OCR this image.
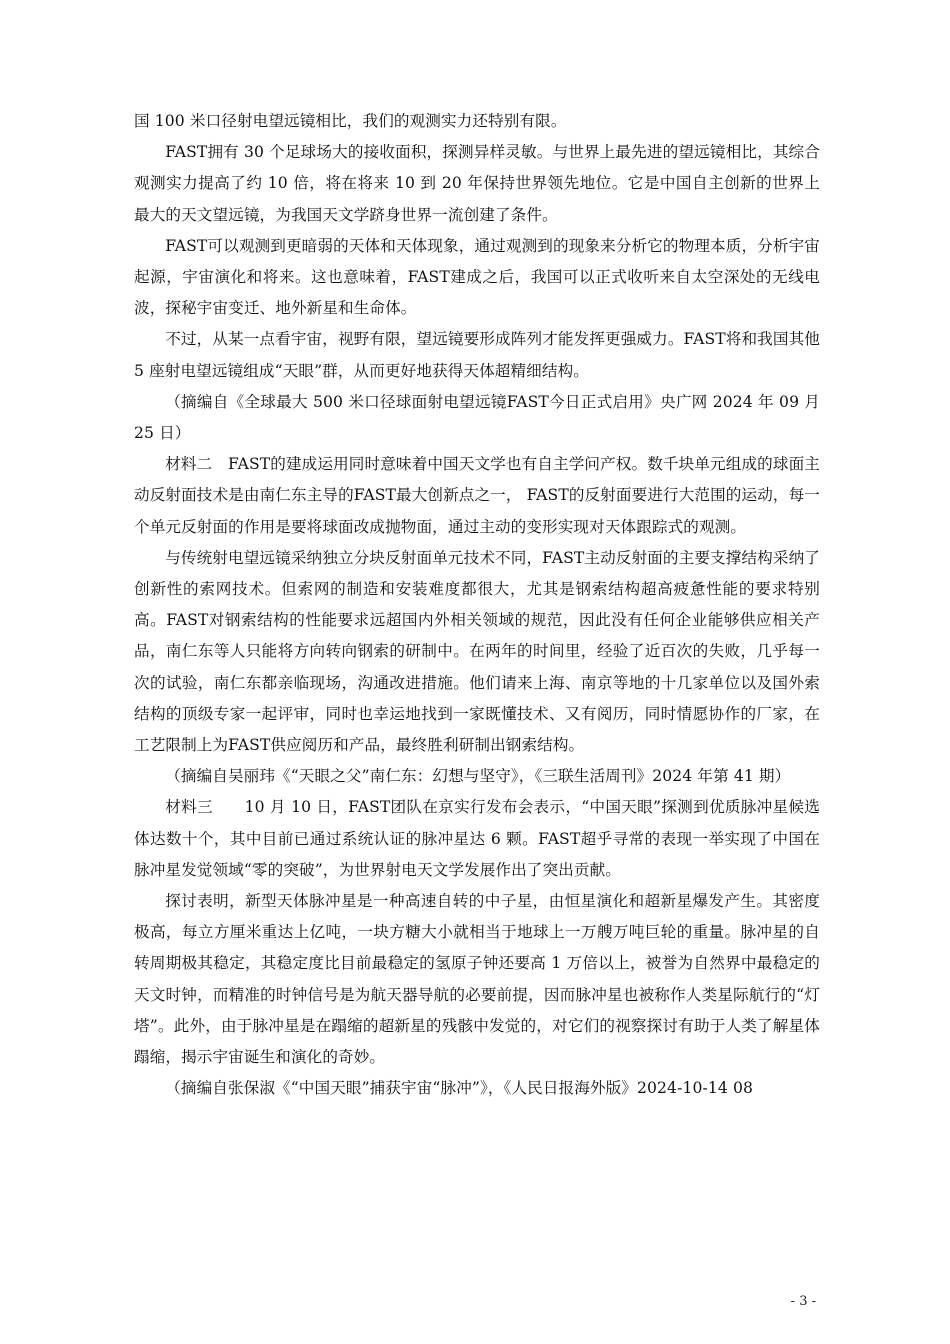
国 100 米口径射电望远镜相比，我们的观测实力还特别有限。

FAST拥有 30 个足球场大的接收面积，探测异样灵敏。与世界上最先进的望远镜相比，其综合观测实力提高了约 10 倍，将在将来 10 到 20 年保持世界领先地位。它是中国自主创新的世界上最大的天文望远镜，为我国天文学跻身世界一流创建了条件。

FAST可以观测到更暗弱的天体和天体现象，通过观测到的现象来分析它的物理本质，分析宇宙起源，宇宙演化和将来。这也意味着，FAST建成之后，我国可以正式收听来自太空深处的无线电波，探秘宇宙变迁、地外新星和生命体。

不过，从某一点看宇宙，视野有限，望远镜要形成阵列才能发挥更强威力。FAST将和我国其他 5 座射电望远镜组成“天眼”群，从而更好地获得天体超精细结构。

（摘编自《全球最大 500 米口径球面射电望远镜FAST今日正式启用》央广网 2024 年 09 月 25 日）

材料二　FAST的建成运用同时意味着中国天文学也有自主学问产权。数千块单元组成的球面主动反射面技术是由南仁东主导的FAST最大创新点之一， FAST的反射面要进行大范围的运动，每一个单元反射面的作用是要将球面改成抛物面，通过主动的变形实现对天体跟踪式的观测。

与传统射电望远镜采纳独立分块反射面单元技术不同，FAST主动反射面的主要支撑结构采纳了创新性的索网技术。但索网的制造和安装难度都很大，尤其是钢索结构超高疲惫性能的要求特别高。FAST对钢索结构的性能要求远超国内外相关领域的规范，因此没有任何企业能够供应相关产品，南仁东等人只能将方向转向钢索的研制中。在两年的时间里，经验了近百次的失败，几乎每一次的试验，南仁东都亲临现场，沟通改进措施。他们请来上海、南京等地的十几家单位以及国外索结构的顶级专家一起评审，同时也幸运地找到一家既懂技术、又有阅历，同时情愿协作的厂家，在工艺限制上为FAST供应阅历和产品，最终胜利研制出钢索结构。

（摘编自吴丽玮《“天眼之父”南仁东：幻想与坚守》，《三联生活周刊》2024 年第 41 期）

材料三　　10 月 10 日，FAST团队在京实行发布会表示，“中国天眼”探测到优质脉冲星候选体达数十个，其中目前已通过系统认证的脉冲星达 6 颗。FAST超乎寻常的表现一举实现了中国在脉冲星发觉领域“零的突破”，为世界射电天文学发展作出了突出贡献。

探讨表明，新型天体脉冲星是一种高速自转的中子星，由恒星演化和超新星爆发产生。其密度极高，每立方厘米重达上亿吨，一块方糖大小就相当于地球上一万艘万吨巨轮的重量。脉冲星的自转周期极其稳定，其稳定度比目前最稳定的氢原子钟还要高 1 万倍以上，被誉为自然界中最稳定的天文时钟，而精准的时钟信号是为航天器导航的必要前提，因而脉冲星也被称作人类星际航行的“灯塔”。此外，由于脉冲星是在蹋缩的超新星的残骸中发觉的，对它们的视察探讨有助于人类了解星体蹋缩，揭示宇宙诞生和演化的奇妙。

（摘编自张保淑《“中国天眼”捕获宇宙“脉冲”》，《人民日报海外版》2024-10-14 08

- 3 -
